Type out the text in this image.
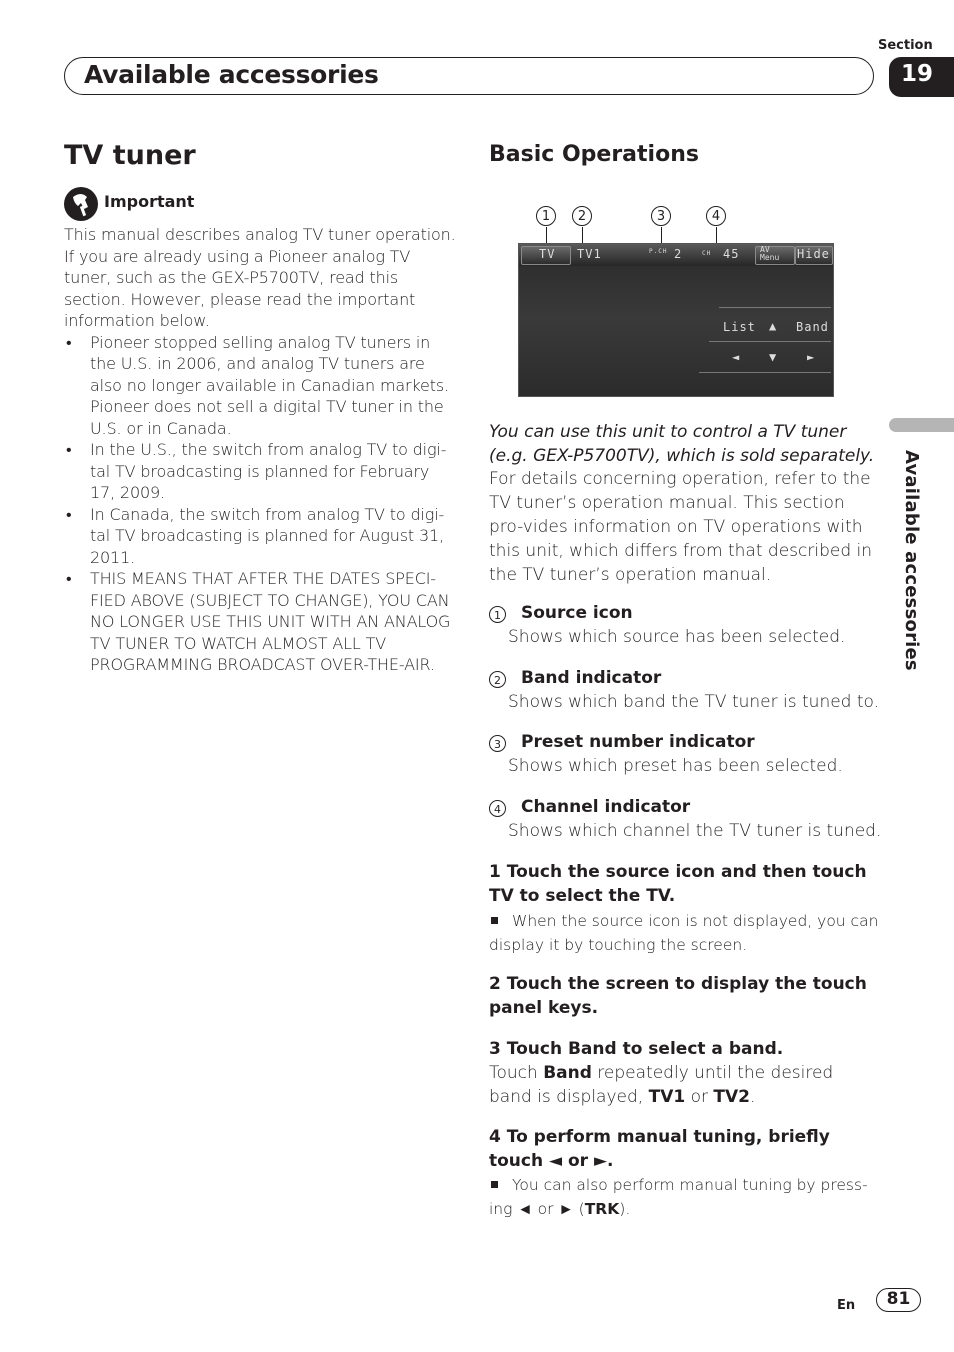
Section
Available accessories	19
Available accessories
TV tuner
Important
This manual describes analog TV tuner operation. If you are already using a Pioneer analog TV tuner, such as the GEX-P5700TV, read this section. However, please read the important information below.
• Pioneer stopped selling analog TV tuners in the U.S. in 2006, and analog TV tuners are also no longer available in Canadian markets. Pioneer does not sell a digital TV tuner in the U.S. or in Canada.
• In the U.S., the switch from analog TV to digi-tal TV broadcasting is planned for February 17, 2009.
• In Canada, the switch from analog TV to digi-tal TV broadcasting is planned for August 31, 2011.
• THIS MEANS THAT AFTER THE DATES SPECI-FIED ABOVE (SUBJECT TO CHANGE), YOU CAN NO LONGER USE THIS UNIT WITH AN ANALOG TV TUNER TO WATCH ALMOST ALL TV PROGRAMMING BROADCAST OVER-THE-AIR.
Basic Operations
1	2	3	4
TV TV1	P.CH 2	CH 45	AV Menu	Hide
List ▲ Band
◄ ▼ ►
You can use this unit to control a TV tuner (e.g. GEX-P5700TV), which is sold separately.
For details concerning operation, refer to the TV tuner’s operation manual. This section pro-vides information on TV operations with this unit, which differs from that described in the TV tuner’s operation manual.
1 Source icon
Shows which source has been selected.
2 Band indicator
Shows which band the TV tuner is tuned to.
3 Preset number indicator
Shows which preset has been selected.
4 Channel indicator
Shows which channel the TV tuner is tuned.
1 Touch the source icon and then touch TV to select the TV.
When the source icon is not displayed, you can display it by touching the screen.
2 Touch the screen to display the touch panel keys.
3 Touch Band to select a band.
Touch Band repeatedly until the desired band is displayed, TV1 or TV2.
4 To perform manual tuning, briefly touch ◄ or ►.
You can also perform manual tuning by press-ing ◄ or ► (TRK).
En	81
